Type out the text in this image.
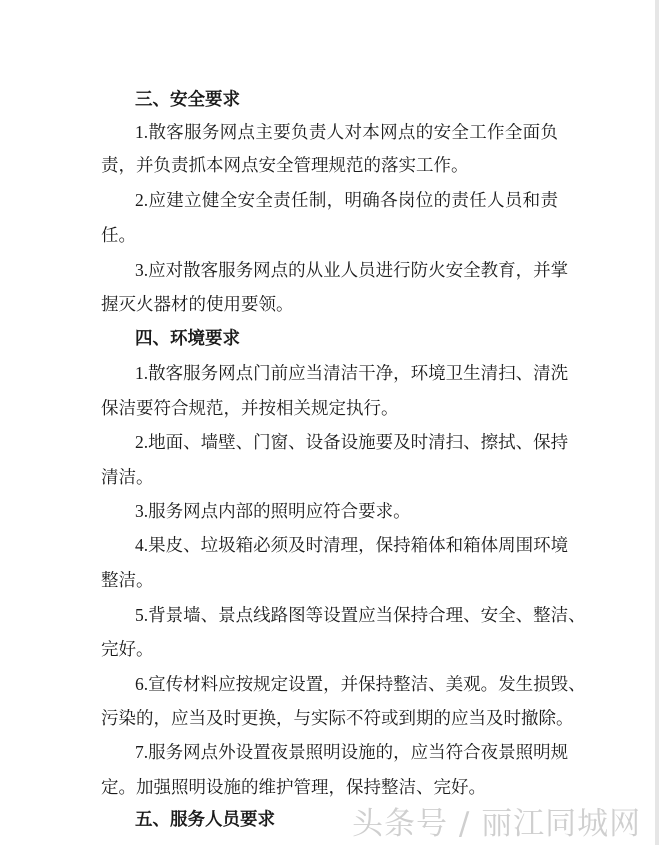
三、安全要求
1.散客服务网点主要负责人对本网点的安全工作全面负
责，并负责抓本网点安全管理规范的落实工作。
2.应建立健全安全责任制，明确各岗位的责任人员和责
任。
3.应对散客服务网点的从业人员进行防火安全教育，并掌
握灭火器材的使用要领。
四、环境要求
1.散客服务网点门前应当清洁干净，环境卫生清扫、清洗
保洁要符合规范，并按相关规定执行。
2.地面、墙壁、门窗、设备设施要及时清扫、擦拭、保持
清洁。
3.服务网点内部的照明应符合要求。
4.果皮、垃圾箱必须及时清理，保持箱体和箱体周围环境
整洁。
5.背景墙、景点线路图等设置应当保持合理、安全、整洁、
完好。
6.宣传材料应按规定设置，并保持整洁、美观。发生损毁、
污染的，应当及时更换，与实际不符或到期的应当及时撤除。
7.服务网点外设置夜景照明设施的，应当符合夜景照明规
定。加强照明设施的维护管理，保持整洁、完好。
五、服务人员要求	头条号 / 丽江同城网
